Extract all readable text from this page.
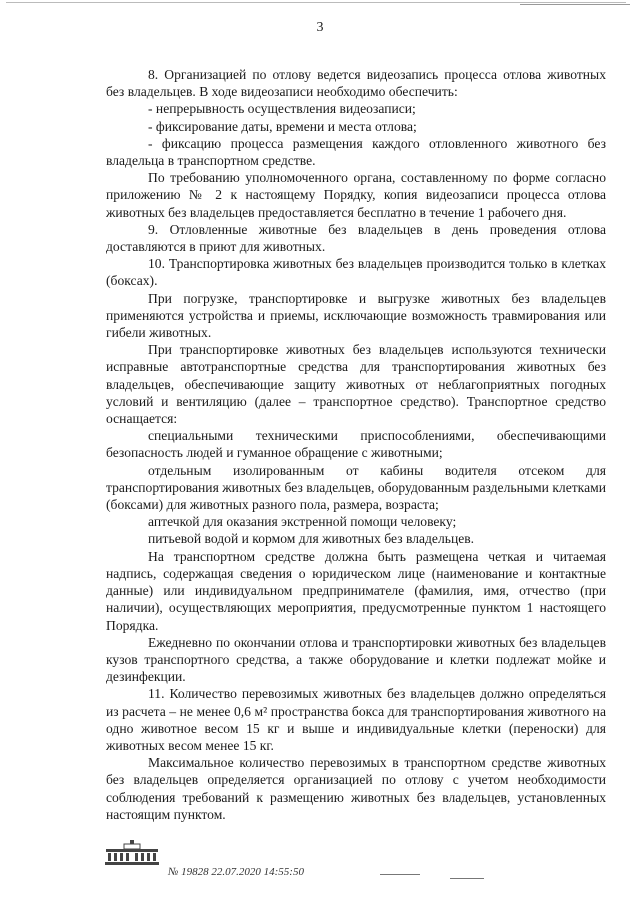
3

8. Организацией по отлову ведется видеозапись процесса отлова животных без владельцев. В ходе видеозаписи необходимо обеспечить:

- непрерывность осуществления видеозаписи;

- фиксирование даты, времени и места отлова;

- фиксацию процесса размещения каждого отловленного животного без владельца в транспортном средстве.

По требованию уполномоченного органа, составленному по форме согласно приложению № 2 к настоящему Порядку, копия видеозаписи процесса отлова животных без владельцев предоставляется бесплатно в течение 1 рабочего дня.

9. Отловленные животные без владельцев в день проведения отлова доставляются в приют для животных.

10. Транспортировка животных без владельцев производится только в клетках (боксах).

При погрузке, транспортировке и выгрузке животных без владельцев применяются устройства и приемы, исключающие возможность травмирования или гибели животных.

При транспортировке животных без владельцев используются технически исправные автотранспортные средства для транспортирования животных без владельцев, обеспечивающие защиту животных от неблагоприятных погодных условий и вентиляцию (далее – транспортное средство). Транспортное средство оснащается:

специальными техническими приспособлениями, обеспечивающими безопасность людей и гуманное обращение с животными;

отдельным изолированным от кабины водителя отсеком для транспортирования животных без владельцев, оборудованным раздельными клетками (боксами) для животных разного пола, размера, возраста;

аптечкой для оказания экстренной помощи человеку;

питьевой водой и кормом для животных без владельцев.

На транспортном средстве должна быть размещена четкая и читаемая надпись, содержащая сведения о юридическом лице (наименование и контактные данные) или индивидуальном предпринимателе (фамилия, имя, отчество (при наличии), осуществляющих мероприятия, предусмотренные пунктом 1 настоящего Порядка.

Ежедневно по окончании отлова и транспортировки животных без владельцев кузов транспортного средства, а также оборудование и клетки подлежат мойке и дезинфекции.

11. Количество перевозимых животных без владельцев должно определяться из расчета – не менее 0,6 м² пространства бокса для транспортирования животного на одно животное весом 15 кг и выше и индивидуальные клетки (переноски) для животных весом менее 15 кг.

Максимальное количество перевозимых в транспортном средстве животных без владельцев определяется организацией по отлову с учетом необходимости соблюдения требований к размещению животных без владельцев, установленных настоящим пунктом.

№ 19828 22.07.2020 14:55:50
